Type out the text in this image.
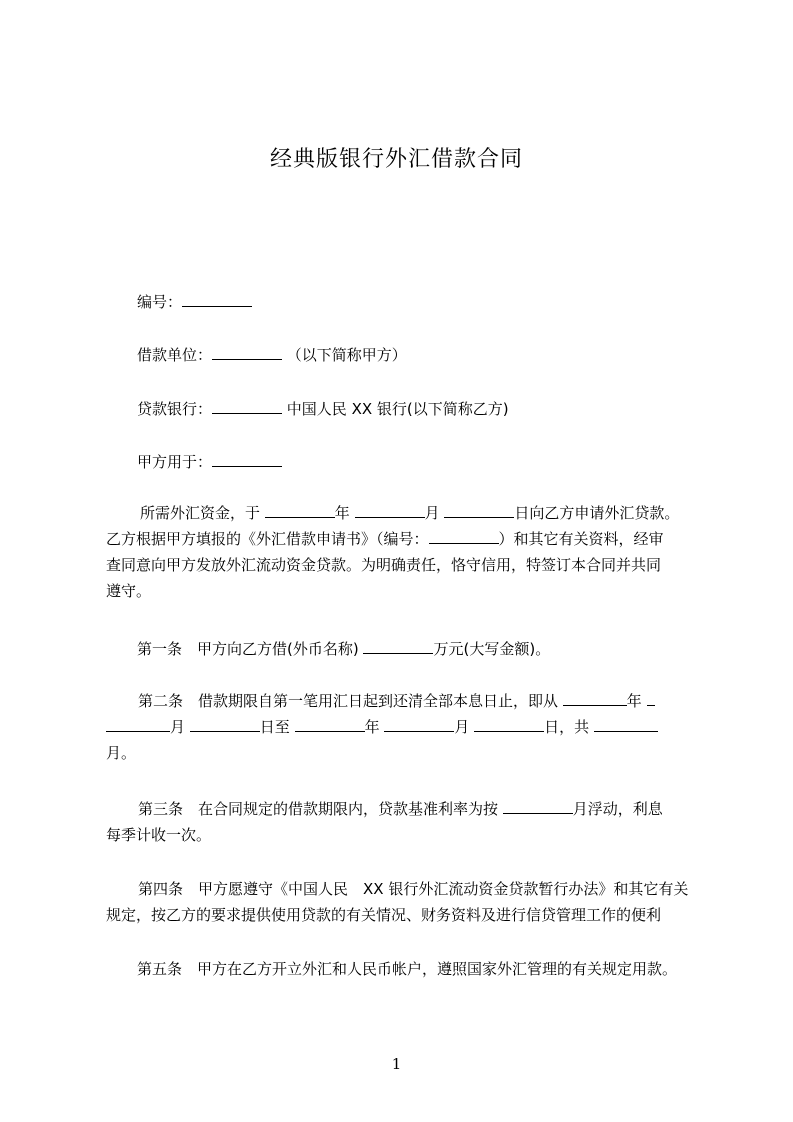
经典版银行外汇借款合同
编号：
借款单位：	（以下简称甲方）
贷款银行：	中国人民 XX 银行(以下简称乙方)
甲方用于：
所需外汇资金，于	年	月	日向乙方申请外汇贷款。
乙方根据甲方填报的《外汇借款申请书》（编号：	）和其它有关资料，经审
查同意向甲方发放外汇流动资金贷款。为明确责任，恪守信用，特签订本合同并共同
遵守。
第一条　甲方向乙方借(外币名称)	万元(大写金额)。
第二条　借款期限自第一笔用汇日起到还清全部本息日止，即从	年
月	日至	年	月	日，共
月。
第三条　在合同规定的借款期限内，贷款基准利率为按	月浮动，利息
每季计收一次。
第四条　甲方愿遵守《中国人民　XX 银行外汇流动资金贷款暂行办法》和其它有关
规定，按乙方的要求提供使用贷款的有关情况、财务资料及进行信贷管理工作的便利
第五条　甲方在乙方开立外汇和人民币帐户，遵照国家外汇管理的有关规定用款。
1
